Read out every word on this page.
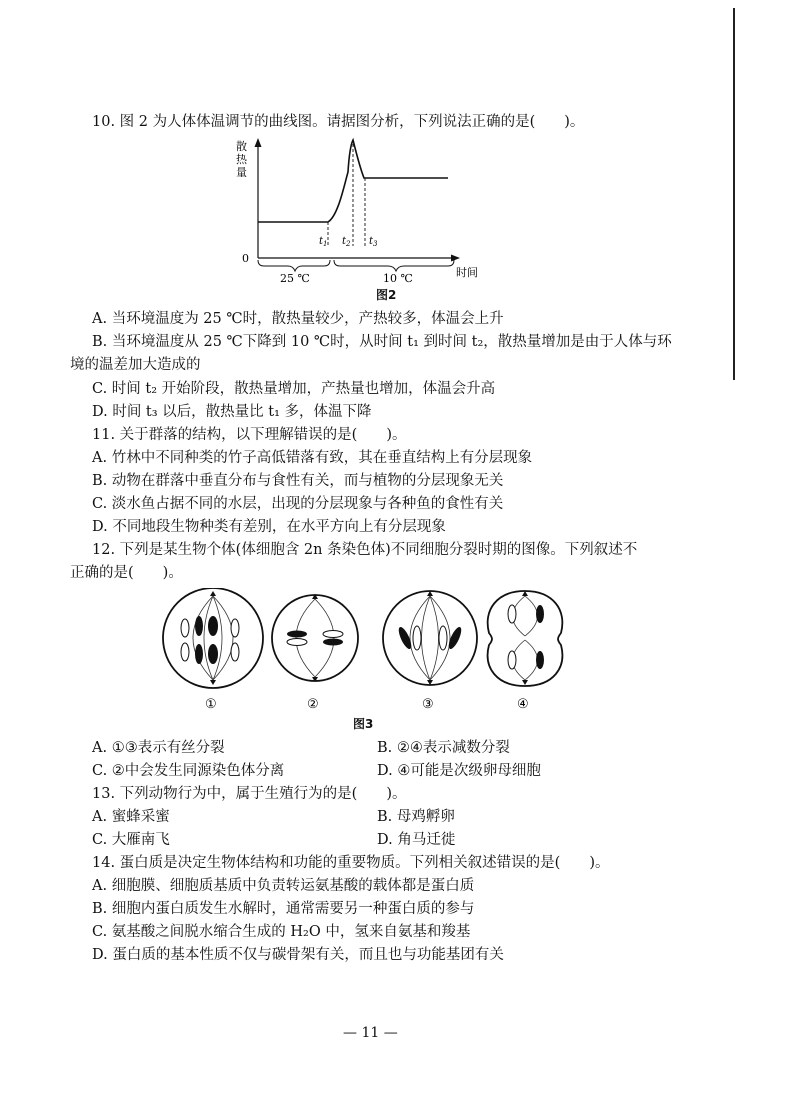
10. 图 2 为人体体温调节的曲线图。请据图分析，下列说法正确的是(　　)。
散
热
量
0
$t_1$ $t_2$ $t_3$
25 ℃	10 ℃	时间
图2
A. 当环境温度为 25 ℃时，散热量较少，产热较多，体温会上升
B. 当环境温度从 25 ℃下降到 10 ℃时，从时间 t₁ 到时间 t₂，散热量增加是由于人体与环
境的温差加大造成的
C. 时间 t₂ 开始阶段，散热量增加，产热量也增加，体温会升高
D. 时间 t₃ 以后，散热量比 t₁ 多，体温下降
11. 关于群落的结构，以下理解错误的是(　　)。
A. 竹林中不同种类的竹子高低错落有致，其在垂直结构上有分层现象
B. 动物在群落中垂直分布与食性有关，而与植物的分层现象无关
C. 淡水鱼占据不同的水层，出现的分层现象与各种鱼的食性有关
D. 不同地段生物种类有差别，在水平方向上有分层现象
12. 下列是某生物个体(体细胞含 2n 条染色体)不同细胞分裂时期的图像。下列叙述不
正确的是(　　)。
①	②	③	④
图3
A. ①③表示有丝分裂	B. ②④表示减数分裂
C. ②中会发生同源染色体分离	D. ④可能是次级卵母细胞
13. 下列动物行为中，属于生殖行为的是(　　)。
A. 蜜蜂采蜜	B. 母鸡孵卵
C. 大雁南飞	D. 角马迁徙
14. 蛋白质是决定生物体结构和功能的重要物质。下列相关叙述错误的是(　　)。
A. 细胞膜、细胞质基质中负责转运氨基酸的载体都是蛋白质
B. 细胞内蛋白质发生水解时，通常需要另一种蛋白质的参与
C. 氨基酸之间脱水缩合生成的 H₂O 中，氢来自氨基和羧基
D. 蛋白质的基本性质不仅与碳骨架有关，而且也与功能基团有关
— 11 —
